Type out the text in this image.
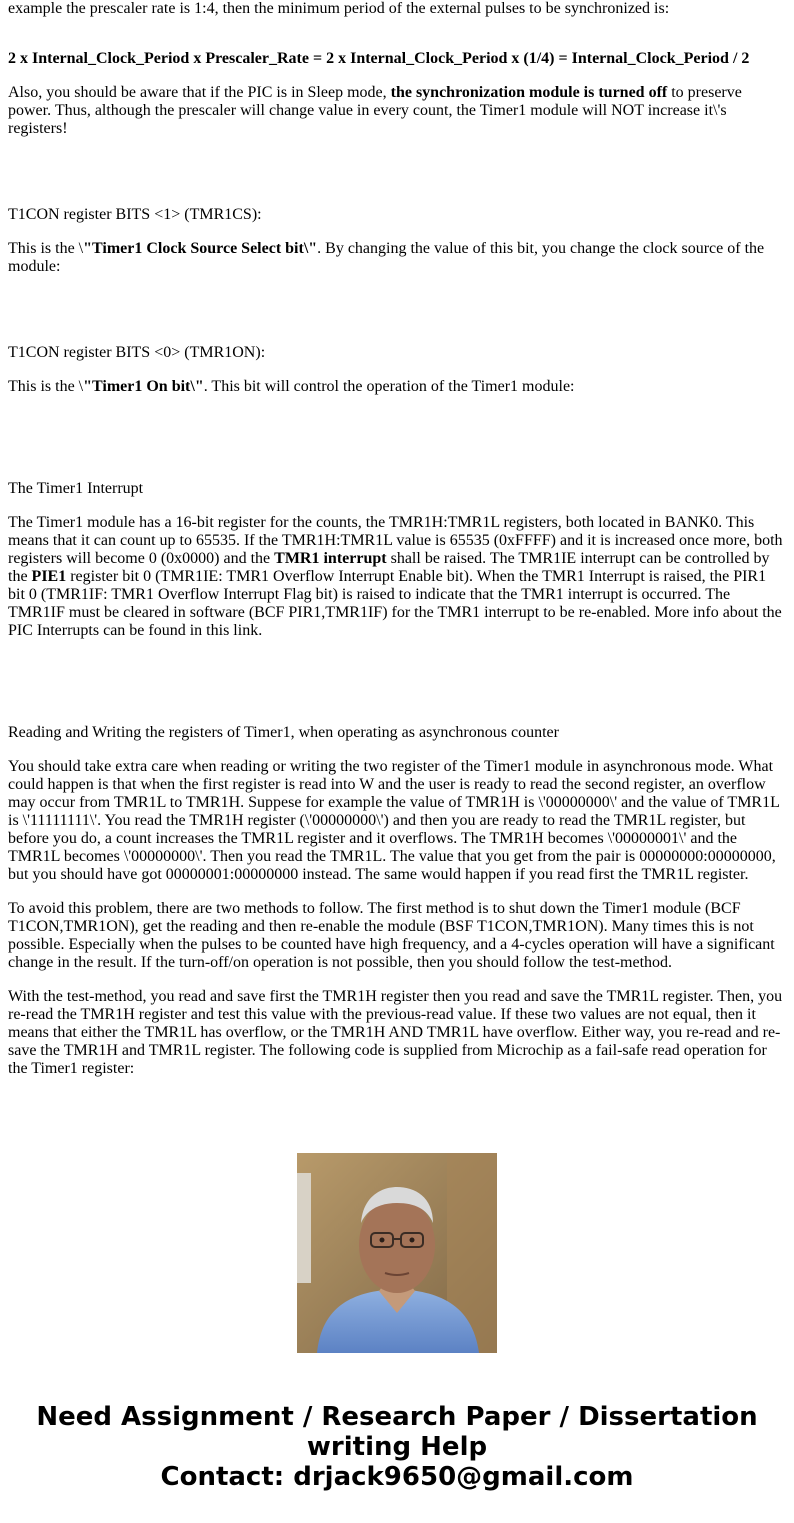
example the prescaler rate is 1:4, then the minimum period of the external pulses to be synchronized is:

2 x Internal_Clock_Period x Prescaler_Rate = 2 x Internal_Clock_Period x (1/4) = Internal_Clock_Period / 2

Also, you should be aware that if the PIC is in Sleep mode, the synchronization module is turned off to preserve power. Thus, although the prescaler will change value in every count, the Timer1 module will NOT increase it\'s registers!

T1CON register BITS <1> (TMR1CS):

This is the \"Timer1 Clock Source Select bit\". By changing the value of this bit, you change the clock source of the module:

T1CON register BITS <0> (TMR1ON):

This is the \"Timer1 On bit\". This bit will control the operation of the Timer1 module:

The Timer1 Interrupt

The Timer1 module has a 16-bit register for the counts, the TMR1H:TMR1L registers, both located in BANK0. This means that it can count up to 65535. If the TMR1H:TMR1L value is 65535 (0xFFFF) and it is increased once more, both registers will become 0 (0x0000) and the TMR1 interrupt shall be raised. The TMR1IE interrupt can be controlled by the PIE1 register bit 0 (TMR1IE: TMR1 Overflow Interrupt Enable bit). When the TMR1 Interrupt is raised, the PIR1 bit 0 (TMR1IF: TMR1 Overflow Interrupt Flag bit) is raised to indicate that the TMR1 interrupt is occurred. The TMR1IF must be cleared in software (BCF PIR1,TMR1IF) for the TMR1 interrupt to be re-enabled. More info about the PIC Interrupts can be found in this link.

Reading and Writing the registers of Timer1, when operating as asynchronous counter

You should take extra care when reading or writing the two register of the Timer1 module in asynchronous mode. What could happen is that when the first register is read into W and the user is ready to read the second register, an overflow may occur from TMR1L to TMR1H. Suppese for example the value of TMR1H is \'00000000\' and the value of TMR1L is \'11111111\'. You read the TMR1H register (\'00000000\') and then you are ready to read the TMR1L register, but before you do, a count increases the TMR1L register and it overflows. The TMR1H becomes \'00000001\' and the TMR1L becomes \'00000000\'. Then you read the TMR1L. The value that you get from the pair is 00000000:00000000, but you should have got 00000001:00000000 instead. The same would happen if you read first the TMR1L register.

To avoid this problem, there are two methods to follow. The first method is to shut down the Timer1 module (BCF T1CON,TMR1ON), get the reading and then re-enable the module (BSF T1CON,TMR1ON). Many times this is not possible. Especially when the pulses to be counted have high frequency, and a 4-cycles operation will have a significant change in the result. If the turn-off/on operation is not possible, then you should follow the test-method.

With the test-method, you read and save first the TMR1H register then you read and save the TMR1L register. Then, you re-read the TMR1H register and test this value with the previous-read value. If these two values are not equal, then it means that either the TMR1L has overflow, or the TMR1H AND TMR1L have overflow. Either way, you re-read and re-save the TMR1H and TMR1L register. The following code is supplied from Microchip as a fail-safe read operation for the Timer1 register:

Need Assignment / Research Paper / Dissertation
writing Help
Contact: drjack9650@gmail.com
